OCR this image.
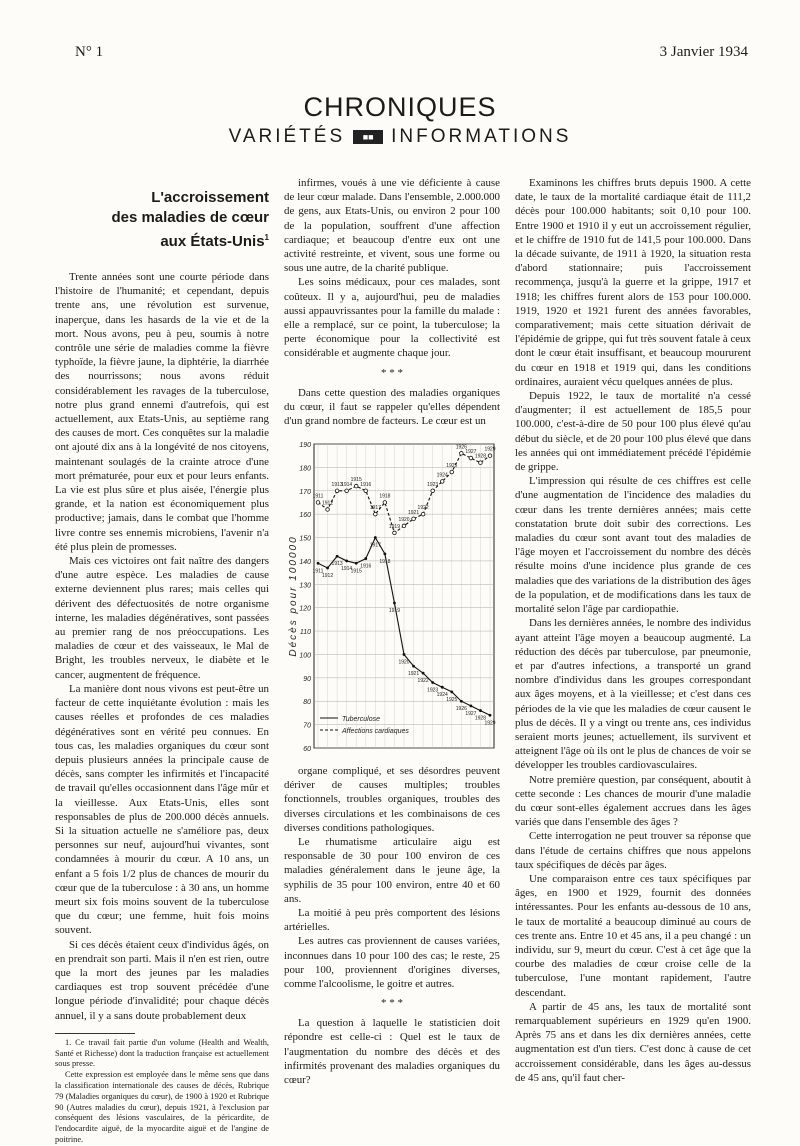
N° 1	3 Janvier 1934
CHRONIQUES
VARIÉTÉS ■■ INFORMATIONS
L'accroissement
des maladies de cœur
aux États-Unis$^1$

Trente années sont une courte période dans l'histoire de l'humanité; et cependant, depuis trente ans, une révolution est survenue, inaperçue, dans les hasards de la vie et de la mort. Nous avons, peu à peu, soumis à notre contrôle une série de maladies comme la fièvre typhoïde, la fièvre jaune, la diphtérie, la diarrhée des nourrissons; nous avons réduit considérablement les ravages de la tuberculose, notre plus grand ennemi d'autrefois, qui est actuellement, aux Etats-Unis, au septième rang des causes de mort. Ces conquêtes sur la maladie ont ajouté dix ans à la longévité de nos citoyens, maintenant soulagés de la crainte atroce d'une mort prématurée, pour eux et pour leurs enfants. La vie est plus sûre et plus aisée, l'énergie plus grande, et la nation est économiquement plus productive; jamais, dans le combat que l'homme livre contre ses ennemis microbiens, l'avenir n'a été plus plein de promesses.

Mais ces victoires ont fait naître des dangers d'une autre espèce. Les maladies de cause externe deviennent plus rares; mais celles qui dérivent des défectuosités de notre organisme interne, les maladies dégénératives, sont passées au premier rang de nos préoccupations. Les maladies de cœur et des vaisseaux, le Mal de Bright, les troubles nerveux, le diabète et le cancer, augmentent de fréquence.

La manière dont nous vivons est peut-être un facteur de cette inquiétante évolution : mais les causes réelles et profondes de ces maladies dégénératives sont en vérité peu connues. En tous cas, les maladies organiques du cœur sont depuis plusieurs années la principale cause de décès, sans compter les infirmités et l'incapacité de travail qu'elles occasionnent dans l'âge mûr et la vieillesse. Aux Etats-Unis, elles sont responsables de plus de 200.000 décès annuels. Si la situation actuelle ne s'améliore pas, deux personnes sur neuf, aujourd'hui vivantes, sont condamnées à mourir du cœur. A 10 ans, un enfant a 5 fois 1/2 plus de chances de mourir du cœur que de la tuberculose : à 30 ans, un homme meurt six fois moins souvent de la tuberculose que du cœur; une femme, huit fois moins souvent.

Si ces décès étaient ceux d'individus âgés, on en prendrait son parti. Mais il n'en est rien, outre que la mort des jeunes par les maladies cardiaques est trop souvent précédée d'une longue période d'invalidité; pour chaque décès annuel, il y a sans doute probablement deux

1. Ce travail fait partie d'un volume (Health and Wealth, Santé et Richesse) dont la traduction française est actuellement sous presse.

Cette expression est employée dans le même sens que dans la classification internationale des causes de décès, Rubrique 79 (Maladies organiques du cœur), de 1900 à 1920 et Rubrique 90 (Autres maladies du cœur), depuis 1921, à l'exclusion par conséquent des lésions vasculaires, de la péricardite, de l'endocardite aiguë, de la myocardite aiguë et de l'angine de poitrine.

infirmes, voués à une vie déficiente à cause de leur cœur malade. Dans l'ensemble, 2.000.000 de gens, aux Etats-Unis, ou environ 2 pour 100 de la population, souffrent d'une affection cardiaque; et beaucoup d'entre eux ont une activité restreinte, et vivent, sous une forme ou sous une autre, de la charité publique.

Les soins médicaux, pour ces malades, sont coûteux. Il y a, aujourd'hui, peu de maladies aussi appauvrissantes pour la famille du malade : elle a remplacé, sur ce point, la tuberculose; la perte économique pour la collectivité est considérable et augmente chaque jour.

* * *

Dans cette question des maladies organiques du cœur, il faut se rappeler qu'elles dépendent d'un grand nombre de facteurs. Le cœur est un

60
70
80
90
100
110
120
130
140
150
160
170
180
190
Décès pour 100000	1911
1912
1913
1914
1915
1916
1917
1918
1919
1920
1921
1922
1923
1924
1925
1926
1927
1928
1929
1911
1912
1913
1914
1915
1916
1917
1918
1919
1920
1921
1922
1923
1924
1925
1926
1927
1928
1929
Tuberculose
Affections cardiaques

organe compliqué, et ses désordres peuvent dériver de causes multiples; troubles fonctionnels, troubles organiques, troubles des diverses circulations et les combinaisons de ces diverses conditions pathologiques.

Le rhumatisme articulaire aigu est responsable de 30 pour 100 environ de ces maladies généralement dans le jeune âge, la syphilis de 35 pour 100 environ, entre 40 et 60 ans.

La moitié à peu près comportent des lésions artérielles.

Les autres cas proviennent de causes variées, inconnues dans 10 pour 100 des cas; le reste, 25 pour 100, proviennent d'origines diverses, comme l'alcoolisme, le goitre et autres.

* * *

La question à laquelle le statisticien doit répondre est celle-ci : Quel est le taux de l'augmentation du nombre des décès et des infirmités provenant des maladies organiques du cœur?

Examinons les chiffres bruts depuis 1900. A cette date, le taux de la mortalité cardiaque était de 111,2 décès pour 100.000 habitants; soit 0,10 pour 100. Entre 1900 et 1910 il y eut un accroissement régulier, et le chiffre de 1910 fut de 141,5 pour 100.000. Dans la décade suivante, de 1911 à 1920, la situation resta d'abord stationnaire; puis l'accroissement recommença, jusqu'à la guerre et la grippe, 1917 et 1918; les chiffres furent alors de 153 pour 100.000. 1919, 1920 et 1921 furent des années favorables, comparativement; mais cette situation dérivait de l'épidémie de grippe, qui fut très souvent fatale à ceux dont le cœur était insuffisant, et beaucoup moururent du cœur en 1918 et 1919 qui, dans les conditions ordinaires, auraient vécu quelques années de plus.

Depuis 1922, le taux de mortalité n'a cessé d'augmenter; il est actuellement de 185,5 pour 100.000, c'est-à-dire de 50 pour 100 plus élevé qu'au début du siècle, et de 20 pour 100 plus élevé que dans les années qui ont immédiatement précédé l'épidémie de grippe.

L'impression qui résulte de ces chiffres est celle d'une augmentation de l'incidence des maladies du cœur dans les trente dernières années; mais cette constatation brute doit subir des corrections. Les maladies du cœur sont avant tout des maladies de l'âge moyen et l'accroissement du nombre des décès résulte moins d'une incidence plus grande de ces maladies que des variations de la distribution des âges de la population, et de modifications dans les taux de mortalité selon l'âge par cardiopathie.

Dans les dernières années, le nombre des individus ayant atteint l'âge moyen a beaucoup augmenté. La réduction des décès par tuberculose, par pneumonie, et par d'autres infections, a transporté un grand nombre d'individus dans les groupes correspondant aux âges moyens, et à la vieillesse; et c'est dans ces périodes de la vie que les maladies de cœur causent le plus de décès. Il y a vingt ou trente ans, ces individus seraient morts jeunes; actuellement, ils survivent et atteignent l'âge où ils ont le plus de chances de voir se développer les troubles cardiovasculaires.

Notre première question, par conséquent, aboutit à cette seconde : Les chances de mourir d'une maladie du cœur sont-elles également accrues dans les âges variés que dans l'ensemble des âges ?

Cette interrogation ne peut trouver sa réponse que dans l'étude de certains chiffres que nous appelons taux spécifiques de décès par âges.

Une comparaison entre ces taux spécifiques par âges, en 1900 et 1929, fournit des données intéressantes. Pour les enfants au-dessous de 10 ans, le taux de mortalité a beaucoup diminué au cours de ces trente ans. Entre 10 et 45 ans, il a peu changé : un individu, sur 9, meurt du cœur. C'est à cet âge que la courbe des maladies de cœur croise celle de la tuberculose, l'une montant rapidement, l'autre descendant.

A partir de 45 ans, les taux de mortalité sont remarquablement supérieurs en 1929 qu'en 1900. Après 75 ans et dans les dix dernières années, cette augmentation est d'un tiers. C'est donc à cause de cet accroissement considérable, dans les âges au-dessus de 45 ans, qu'il faut cher-
